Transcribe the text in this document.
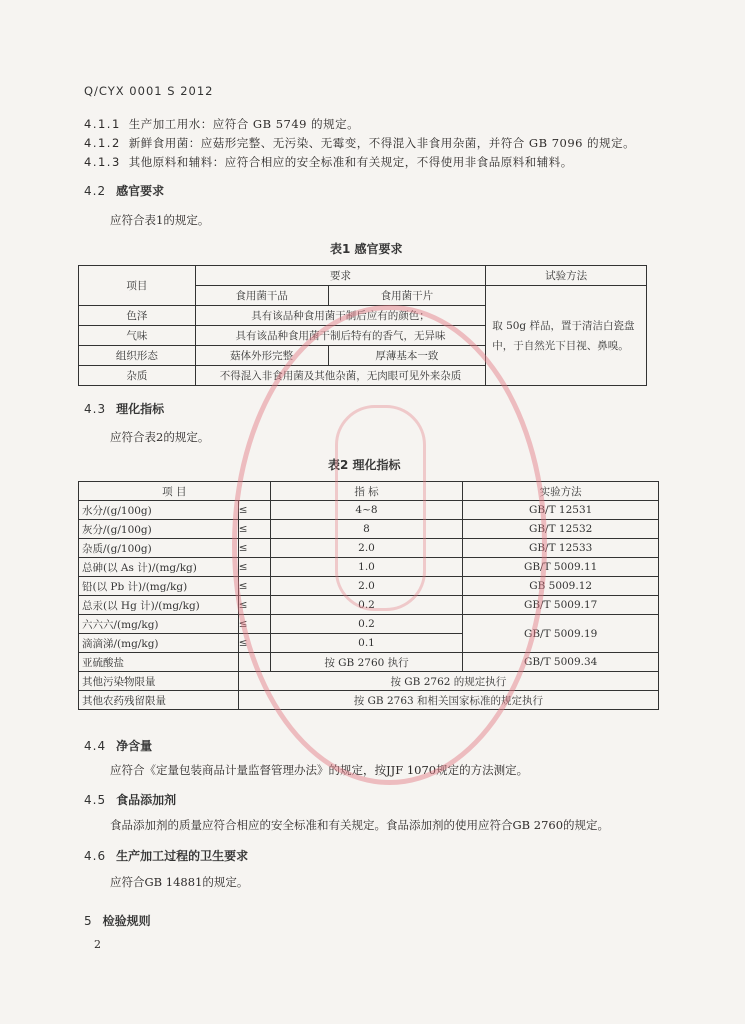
Q/CYX 0001 S 2012
4.1.1 生产加工用水：应符合 GB 5749 的规定。
4.1.2 新鲜食用菌：应菇形完整、无污染、无霉变，不得混入非食用杂菌，并符合 GB 7096 的规定。
4.1.3 其他原料和辅料：应符合相应的安全标准和有关规定，不得使用非食品原料和辅料。
4.2 感官要求
应符合表1的规定。
表1 感官要求
项目	要求		试验方法
	食用菌干品	食用菌干片	取 50g 样品，置于清洁白瓷盘中，于自然光下目视、鼻嗅。
色泽	具有该品种食用菌干制后应有的颜色；		
气味	具有该品种食用菌干制后特有的香气，无异味		
组织形态	菇体外形完整	厚薄基本一致	
杂质	不得混入非食用菌及其他杂菌，无肉眼可见外来杂质		
4.3 理化指标
应符合表2的规定。
表2 理化指标
项 目		指 标	实验方法
水分/(g/100g)	≤	4~8	GB/T 12531
灰分/(g/100g)	≤	8	GB/T 12532
杂质/(g/100g)	≤	2.0	GB/T 12533
总砷(以 As 计)/(mg/kg)	≤	1.0	GB/T 5009.11
铅(以 Pb 计)/(mg/kg)	≤	2.0	GB 5009.12
总汞(以 Hg 计)/(mg/kg)	≤	0.2	GB/T 5009.17
六六六/(mg/kg)	≤	0.2	GB/T 5009.19
滴滴涕/(mg/kg)	≤	0.1	
亚硫酸盐		按 GB 2760 执行	GB/T 5009.34
其他污染物限量	按 GB 2762 的规定执行		
其他农药残留限量	按 GB 2763 和相关国家标准的规定执行		
4.4 净含量
应符合《定量包装商品计量监督管理办法》的规定，按JJF 1070规定的方法测定。
4.5 食品添加剂
食品添加剂的质量应符合相应的安全标准和有关规定。食品添加剂的使用应符合GB 2760的规定。
4.6 生产加工过程的卫生要求
应符合GB 14881的规定。
5 检验规则
2
